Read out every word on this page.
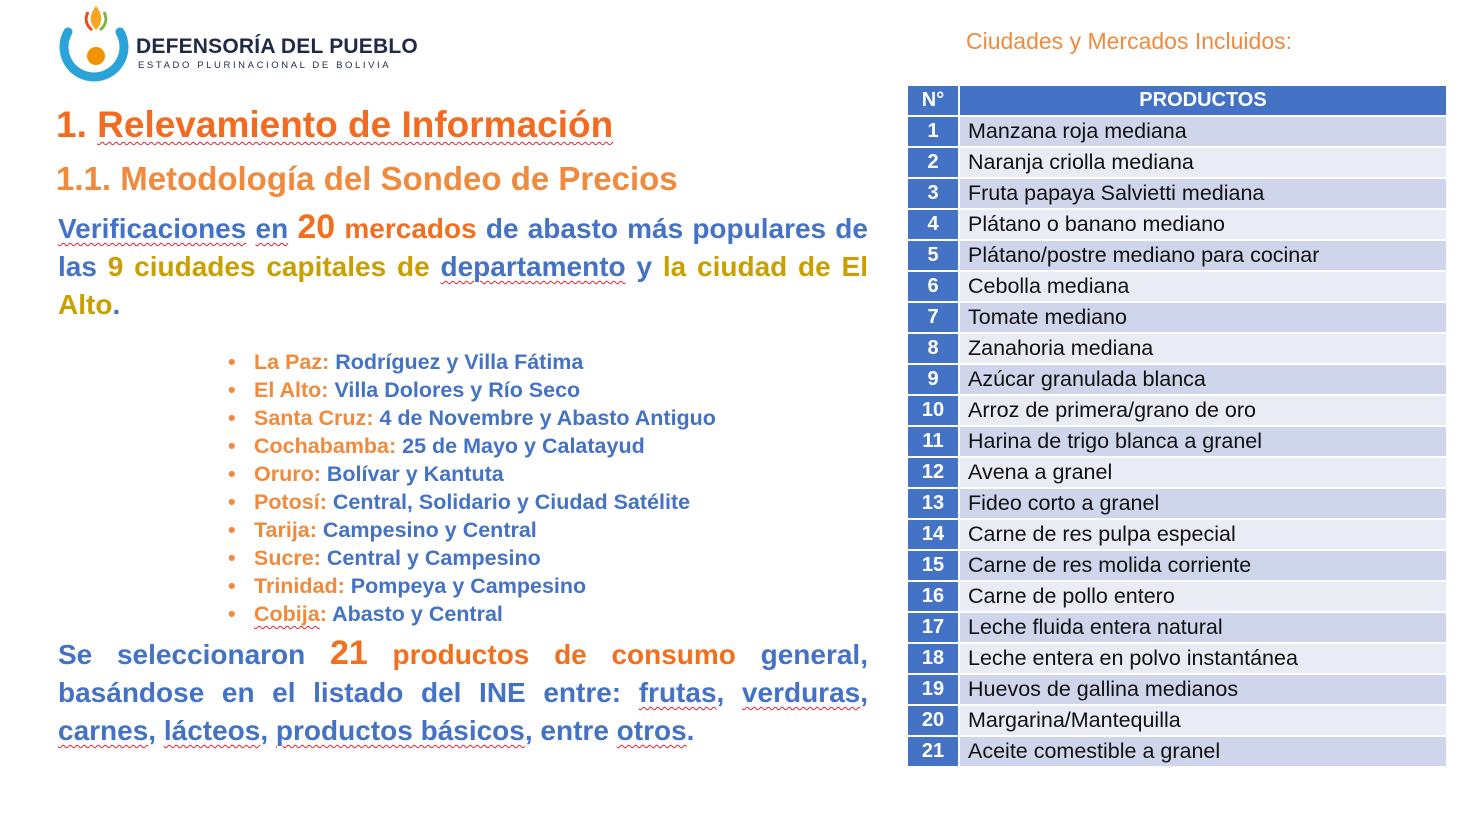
DEFENSORÍA DEL PUEBLO
ESTADO PLURINACIONAL DE BOLIVIA
1. Relevamiento de Información
1.1. Metodología del Sondeo de Precios
Verificaciones en 20 mercados de abasto más populares de las 9 ciudades capitales de departamento y la ciudad de El Alto.
• La Paz: Rodríguez y Villa Fátima
• El Alto: Villa Dolores y Río Seco
• Santa Cruz: 4 de Novembre y Abasto Antiguo
• Cochabamba: 25 de Mayo y Calatayud
• Oruro: Bolívar y Kantuta
• Potosí: Central, Solidario y Ciudad Satélite
• Tarija: Campesino y Central
• Sucre: Central y Campesino
• Trinidad: Pompeya y Campesino
• Cobija: Abasto y Central
Se seleccionaron 21 productos de consumo general, basándose en el listado del INE entre: frutas, verduras, carnes, lácteos, productos básicos, entre otros.
Ciudades y Mercados Incluidos:
N°	PRODUCTOS
1	Manzana roja mediana
2	Naranja criolla mediana
3	Fruta papaya Salvietti mediana
4	Plátano o banano mediano
5	Plátano/postre mediano para cocinar
6	Cebolla mediana
7	Tomate mediano
8	Zanahoria mediana
9	Azúcar granulada blanca
10	Arroz de primera/grano de oro
11	Harina de trigo blanca a granel
12	Avena a granel
13	Fideo corto a granel
14	Carne de res pulpa especial
15	Carne de res molida corriente
16	Carne de pollo entero
17	Leche fluida entera natural
18	Leche entera en polvo instantánea
19	Huevos de gallina medianos
20	Margarina/Mantequilla
21	Aceite comestible a granel
